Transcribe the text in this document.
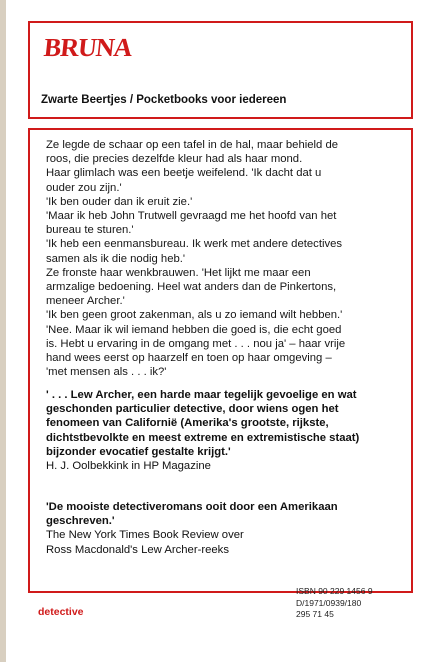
BRUNA
Zwarte Beertjes / Pocketbooks voor iedereen
Ze legde de schaar op een tafel in de hal, maar behield de
roos, die precies dezelfde kleur had als haar mond.
Haar glimlach was een beetje weifelend. 'Ik dacht dat u
ouder zou zijn.'
'Ik ben ouder dan ik eruit zie.'
'Maar ik heb John Trutwell gevraagd me het hoofd van het
bureau te sturen.'
'Ik heb een eenmansbureau. Ik werk met andere detectives
samen als ik die nodig heb.'
Ze fronste haar wenkbrauwen. 'Het lijkt me maar een
armzalige bedoening. Heel wat anders dan de Pinkertons,
meneer Archer.'
'Ik ben geen groot zakenman, als u zo iemand wilt hebben.'
'Nee. Maar ik wil iemand hebben die goed is, die echt goed
is. Hebt u ervaring in de omgang met . . . nou ja' – haar vrije
hand wees eerst op haarzelf en toen op haar omgeving –
'met mensen als . . . ik?'
' . . . Lew Archer, een harde maar tegelijk gevoelige en wat
geschonden particulier detective, door wiens ogen het
fenomeen van Californië (Amerika's grootste, rijkste,
dichtstbevolkte en meest extreme en extremistische staat)
bijzonder evocatief gestalte krijgt.'
H. J. Oolbekkink in HP Magazine
'De mooiste detectiveromans ooit door een Amerikaan
geschreven.'
The New York Times Book Review over
Ross Macdonald's Lew Archer-reeks
ISBN 90 229 1456 9
D/1971/0939/180
295 71 45
detective
